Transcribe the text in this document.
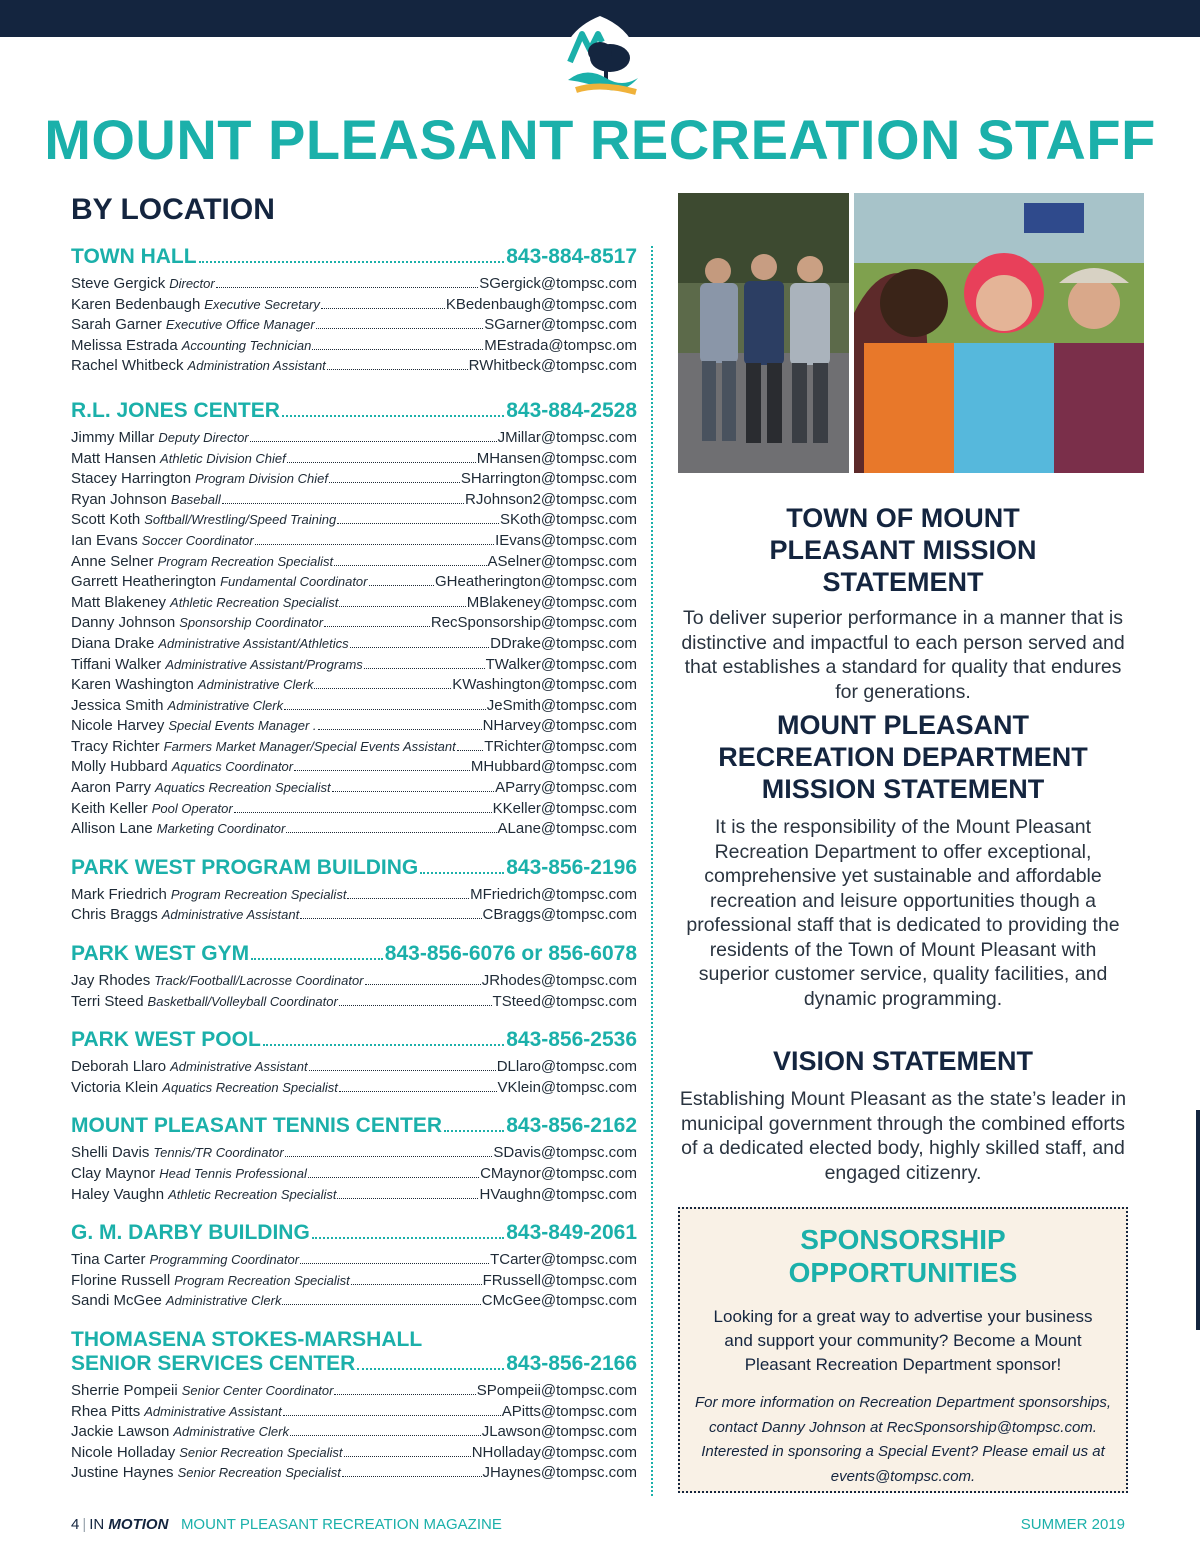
MOUNT PLEASANT RECREATION STAFF
BY LOCATION
TOWN HALL	843-884-8517
Steve Gergick Director	SGergick@tompsc.com
Karen Bedenbaugh Executive Secretary	KBedenbaugh@tompsc.com
Sarah Garner Executive Office Manager	SGarner@tompsc.com
Melissa Estrada Accounting Technician	MEstrada@tompsc.om
Rachel Whitbeck Administration Assistant	RWhitbeck@tompsc.com
R.L. JONES CENTER	843-884-2528
Jimmy Millar Deputy Director	JMillar@tompsc.com
Matt Hansen Athletic Division Chief	MHansen@tompsc.com
Stacey Harrington Program Division Chief	SHarrington@tompsc.com
Ryan Johnson Baseball	RJohnson2@tompsc.com
Scott Koth Softball/Wrestling/Speed Training	SKoth@tompsc.com
Ian Evans Soccer Coordinator	IEvans@tompsc.com
Anne Selner Program Recreation Specialist	ASelner@tompsc.com
Garrett Heatherington Fundamental Coordinator	GHeatherington@tompsc.com
Matt Blakeney Athletic Recreation Specialist	MBlakeney@tompsc.com
Danny Johnson Sponsorship Coordinator	RecSponsorship@tompsc.com
Diana Drake Administrative Assistant/Athletics	DDrake@tompsc.com
Tiffani Walker Administrative Assistant/Programs	TWalker@tompsc.com
Karen Washington Administrative Clerk	KWashington@tompsc.com
Jessica Smith Administrative Clerk	JeSmith@tompsc.com
Nicole Harvey Special Events Manager .	NHarvey@tompsc.com
Tracy Richter Farmers Market Manager/Special Events Assistant TRichter@tompsc.com
Molly Hubbard Aquatics Coordinator	MHubbard@tompsc.com
Aaron Parry Aquatics Recreation Specialist	AParry@tompsc.com
Keith Keller Pool Operator	KKeller@tompsc.com
Allison Lane Marketing Coordinator	ALane@tompsc.com
PARK WEST PROGRAM BUILDING	843-856-2196
Mark Friedrich Program Recreation Specialist	MFriedrich@tompsc.com
Chris Braggs Administrative Assistant	CBraggs@tompsc.com
PARK WEST GYM	843-856-6076 or 856-6078
Jay Rhodes Track/Football/Lacrosse Coordinator	JRhodes@tompsc.com
Terri Steed Basketball/Volleyball Coordinator	TSteed@tompsc.com
PARK WEST POOL	843-856-2536
Deborah Llaro Administrative Assistant	DLlaro@tompsc.com
Victoria Klein Aquatics Recreation Specialist	VKlein@tompsc.com
MOUNT PLEASANT TENNIS CENTER	843-856-2162
Shelli Davis Tennis/TR Coordinator	SDavis@tompsc.com
Clay Maynor Head Tennis Professional	CMaynor@tompsc.com
Haley Vaughn Athletic Recreation Specialist	HVaughn@tompsc.com
G. M. DARBY BUILDING	843-849-2061
Tina Carter Programming Coordinator	TCarter@tompsc.com
Florine Russell Program Recreation Specialist	FRussell@tompsc.com
Sandi McGee Administrative Clerk	CMcGee@tompsc.com
THOMASENA STOKES-MARSHALL
SENIOR SERVICES CENTER	843-856-2166
Sherrie Pompeii Senior Center Coordinator	SPompeii@tompsc.com
Rhea Pitts Administrative Assistant	APitts@tompsc.com
Jackie Lawson Administrative Clerk	JLawson@tompsc.com
Nicole Holladay Senior Recreation Specialist	NHolladay@tompsc.com
Justine Haynes Senior Recreation Specialist	JHaynes@tompsc.com
TOWN OF MOUNT PLEASANT MISSION STATEMENT
To deliver superior performance in a manner that is distinctive and impactful to each person served and that establishes a standard for quality that endures for generations.
MOUNT PLEASANT RECREATION DEPARTMENT MISSION STATEMENT
It is the responsibility of the Mount Pleasant Recreation Department to offer exceptional, comprehensive yet sustainable and affordable recreation and leisure opportunities though a professional staff that is dedicated to providing the residents of the Town of Mount Pleasant with superior customer service, quality facilities, and dynamic programming.
VISION STATEMENT
Establishing Mount Pleasant as the state’s leader in municipal government through the combined efforts of a dedicated elected body, highly skilled staff, and engaged citizenry.
SPONSORSHIP OPPORTUNITIES
Looking for a great way to advertise your business and support your community? Become a Mount Pleasant Recreation Department sponsor!
For more information on Recreation Department sponsorships, contact Danny Johnson at RecSponsorship@tompsc.com. Interested in sponsoring a Special Event? Please email us at events@tompsc.com.
4 | IN MOTION MOUNT PLEASANT RECREATION MAGAZINE	SUMMER 2019
